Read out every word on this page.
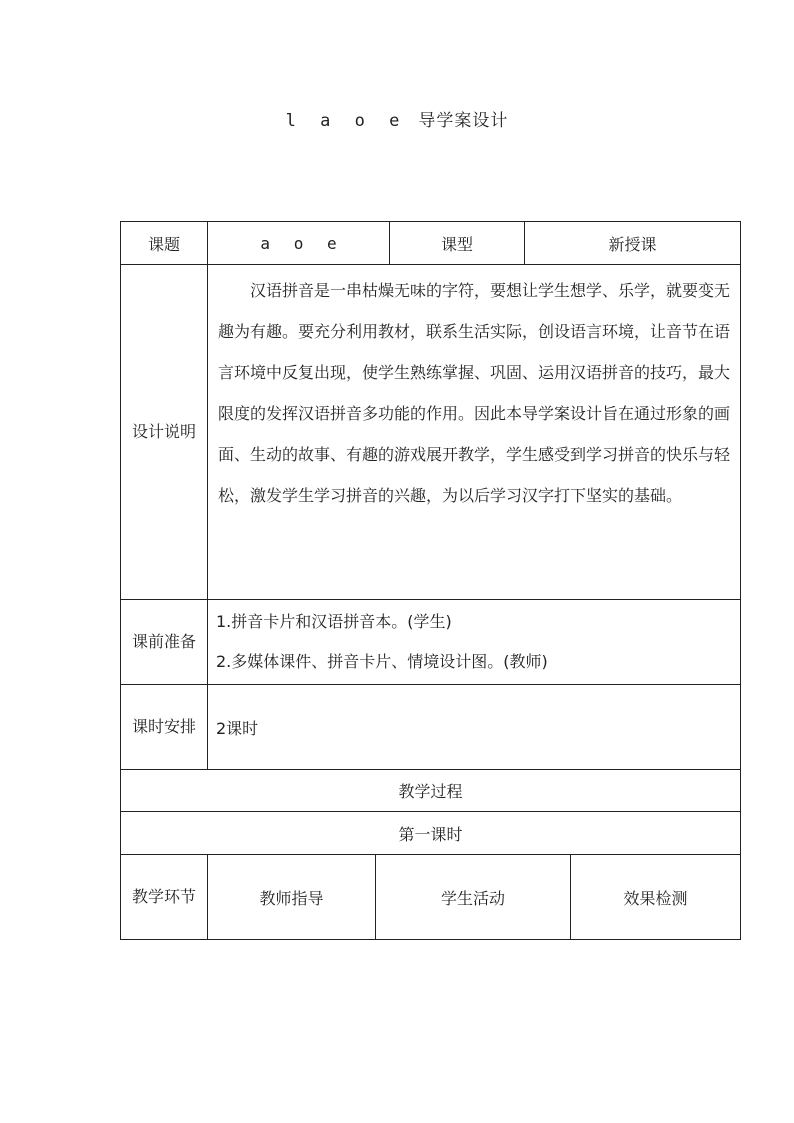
l a o e 导学案设计
课题	a o e		课型	新授课	
设计说明	汉语拼音是一串枯燥无味的字符，要想让学生想学、乐学，就要变无趣为有趣。要充分利用教材，联系生活实际，创设语言环境，让音节在语言环境中反复出现，使学生熟练掌握、巩固、运用汉语拼音的技巧，最大限度的发挥汉语拼音多功能的作用。因此本导学案设计旨在通过形象的画面、生动的故事、有趣的游戏展开教学，学生感受到学习拼音的快乐与轻松，激发学生学习拼音的兴趣，为以后学习汉字打下坚实的基础。				

课前准备	1.拼音卡片和汉语拼音本。(学生)
2.多媒体课件、拼音卡片、情境设计图。(教师)				

课时安排	2课时				
教学过程					
第一课时					
教学环节	教师指导	学生活动			效果检测
